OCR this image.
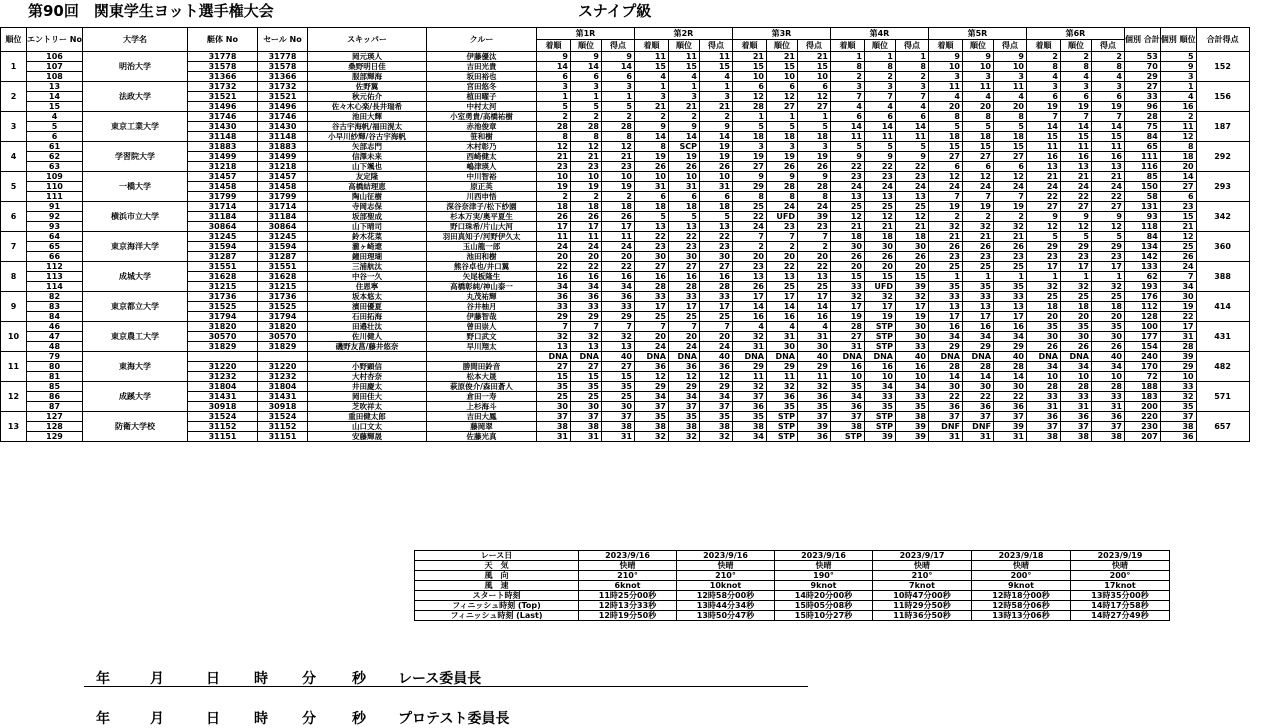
第90回　関東学生ヨット選手権大会	スナイプ級
順位	エントリー No	大学名	艇体 No	セール No	スキッパー	クルー	第1R			第2R			第3R			第4R			第5R			第6R			個別 合計	個別 順位	合計得点
							着順	順位	得点	着順	順位	得点	着順	順位	得点	着順	順位	得点	着順	順位	得点	着順	順位	得点			
1	106	明治大学	31778	31778	岡元瑛人	伊藤優汰	9	9	9	11	11	11	21	21	21	1	1	1	9	9	9	2	2	2	53	5	152
	107		31578	31578	桑野明日佳	吉田光貴	14	14	14	15	15	15	15	15	15	8	8	8	10	10	10	8	8	8	70	9	
	108		31366	31366	服部輝海	坂田裕也	6	6	6	4	4	4	10	10	10	2	2	2	3	3	3	4	4	4	29	3	
2	13	法政大学	31732	31732	佐野翼	宮田悠冬	3	3	3	1	1	1	6	6	6	3	3	3	11	11	11	3	3	3	27	1	156
	14		31521	31521	秋元佑介	植田曜子	1	1	1	3	3	3	12	12	12	7	7	7	4	4	4	6	6	6	33	4	
	15		31496	31496	佐々木心楽/長井瑞希	中村太河	5	5	5	21	21	21	28	27	27	4	4	4	20	20	20	19	19	19	96	16	
3	4	東京工業大学	31746	31746	池田大輝	小室勇貴/高橋祐樹	2	2	2	2	2	2	1	1	1	6	6	6	8	8	8	7	7	7	28	2	187
	5		31430	31430	谷古宇海帆/福田滉太	赤池俊章	28	28	28	9	9	9	5	5	5	14	14	14	5	5	5	14	14	14	75	11	
	6		31148	31148	小早川紗輝/谷古宇海帆	笹和樹	8	8	8	14	14	14	18	18	18	11	11	11	18	18	18	15	15	15	84	12	
4	61	学習院大学	31883	31883	矢部志門	木村彰乃	12	12	12	8	SCP	19	3	3	3	5	5	5	15	15	15	11	11	11	65	8	292
	62		31499	31499	信澤未来	西崎健太	21	21	21	19	19	19	19	19	19	9	9	9	27	27	27	16	16	16	111	18	
	63		31218	31218	山下颯也	嶋津瑛人	23	23	23	26	26	26	27	26	26	22	22	22	6	6	6	13	13	13	116	20	
5	109	一橋大学	31457	31457	友定隆	中川智裕	10	10	10	10	10	10	9	9	9	23	23	23	12	12	12	21	21	21	85	14	293
	110		31458	31458	高橋結理恵	原正英	19	19	19	31	31	31	29	28	28	24	24	24	24	24	24	24	24	24	150	27	
	111		31799	31799	陶山征樹	川西申悟	2	2	2	6	6	6	8	8	8	13	13	13	7	7	7	22	22	22	58	6	
6	91	横浜市立大学	31714	31714	寺岡志保	深谷奈津子/松下紗園	18	18	18	18	18	18	25	24	24	25	25	25	19	19	19	27	27	27	131	23	342
	92		31184	31184	坂部聖成	杉本万実/奥平夏生	26	26	26	5	5	5	22	UFD	39	12	12	12	2	2	2	9	9	9	93	15	
	93		30864	30864	山下晴司	野口珠希/片山大河	17	17	17	13	13	13	24	23	23	21	21	21	32	32	32	12	12	12	118	21	
7	64	東京海洋大学	31245	31245	鈴木花菜	羽田真知子/河野伊久太	11	11	11	22	22	22	7	7	7	18	18	18	21	21	21	5	5	5	84	12	360
	65		31594	31594	瀧ヶ崎遼	玉山龍一郎	24	24	24	23	23	23	2	2	2	30	30	30	26	26	26	29	29	29	134	25	
	66		31287	31287	鐘田理瑚	池田和樹	20	20	20	30	30	30	20	20	20	26	26	26	23	23	23	23	23	23	142	26	
8	112	成城大学	31551	31551	三浦航汰	熊谷卓也/井口翼	22	22	22	27	27	27	23	22	22	20	20	20	25	25	25	17	17	17	133	24	388
	113		31628	31628	中谷一久	矢尾板隆生	16	16	16	16	16	16	13	13	13	15	15	15	1	1	1	1	1	1	62	7	
	114		31215	31215	住恩寧	高橋彰純/神山泰一	34	34	34	28	28	28	26	25	25	33	UFD	39	35	35	35	32	32	32	193	34	
9	82	東京都立大学	31736	31736	坂本悠太	丸茂祐輝	36	36	36	33	33	33	17	17	17	32	32	32	33	33	33	25	25	25	176	30	414
	83		31525	31525	濱田優夏	谷井柚月	33	33	33	17	17	17	14	14	14	17	17	17	13	13	13	18	18	18	112	19	
	84		31794	31794	石田拓海	伊藤智哉	29	29	29	25	25	25	16	16	16	19	19	19	17	17	17	20	20	20	128	22	
10	46	東京農工大学	31820	31820	田邉壮汰	曾田崇人	7	7	7	7	7	7	4	4	4	28	STP	30	16	16	16	35	35	35	100	17	431
	47		30570	30570	佐川健人	野口武文	32	32	32	20	20	20	32	31	31	27	STP	30	34	34	34	30	30	30	177	31	
	48		31829	31829	磯野友菖/藤井悠奈	早川翔太	13	13	13	24	24	24	31	30	30	31	STP	33	29	29	29	26	26	26	154	28	
11	79	東海大学					DNA	DNA	40	DNA	DNA	40	DNA	DNA	40	DNA	DNA	40	DNA	DNA	40	DNA	DNA	40	240	39	482
	80		31220	31220	小野顕信	勝間田鈴音	27	27	27	36	36	36	29	29	29	16	16	16	28	28	28	34	34	34	170	29	
	81		31232	31232	大村杏奈	松本大晟	15	15	15	12	12	12	11	11	11	10	10	10	14	14	14	10	10	10	72	10	
12	85	成蹊大学	31804	31804	井田慶太	萩原俊介/森田蒼人	35	35	35	29	29	29	32	32	32	35	34	34	30	30	30	28	28	28	188	33	571
	86		31431	31431	岡田佳大	倉田一寿	25	25	25	34	34	34	37	36	36	34	33	33	22	22	22	33	33	33	183	32	
	87		30918	30918	芝吹祥太	上杉海斗	30	30	30	37	37	37	36	35	35	36	35	35	36	36	36	31	31	31	200	35	
13	127	防衛大学校	31524	31524	重田健太郎	吉田大鳳	37	37	37	35	35	35	35	STP	37	37	STP	38	37	37	37	36	36	36	220	37	657
	128		31152	31152	山口文太	藤岡翠	38	38	38	38	38	38	38	STP	39	38	STP	39	DNF	DNF	39	37	37	37	230	38	
	129		31151	31151	安藤輝晟	佐藤光真	31	31	31	32	32	32	34	STP	36	STP	39	39	31	31	31	38	38	38	207	36	
レース日	2023/9/16	2023/9/16	2023/9/16	2023/9/17	2023/9/18	2023/9/19
天　気	快晴	快晴	快晴	快晴	快晴	快晴
風　向	210°	210°	190°	210°	200°	200°
風　速	6knot	10knot	9knot	7knot	9knot	17knot
スタート時刻	11時25分00秒	12時58分00秒	14時20分00秒	10時47分00秒	12時18分00秒	13時35分00秒
フィニッシュ時刻 (Top)	12時13分33秒	13時44分34秒	15時05分08秒	11時29分50秒	12時58分06秒	14時17分58秒
フィニッシュ時刻 (Last)	12時19分50秒	13時50分47秒	15時10分27秒	11時36分50秒	13時13分06秒	14時27分49秒
年	月	日 時 分	秒 レース委員長
年	月	日 時 分	秒 プロテスト委員長
